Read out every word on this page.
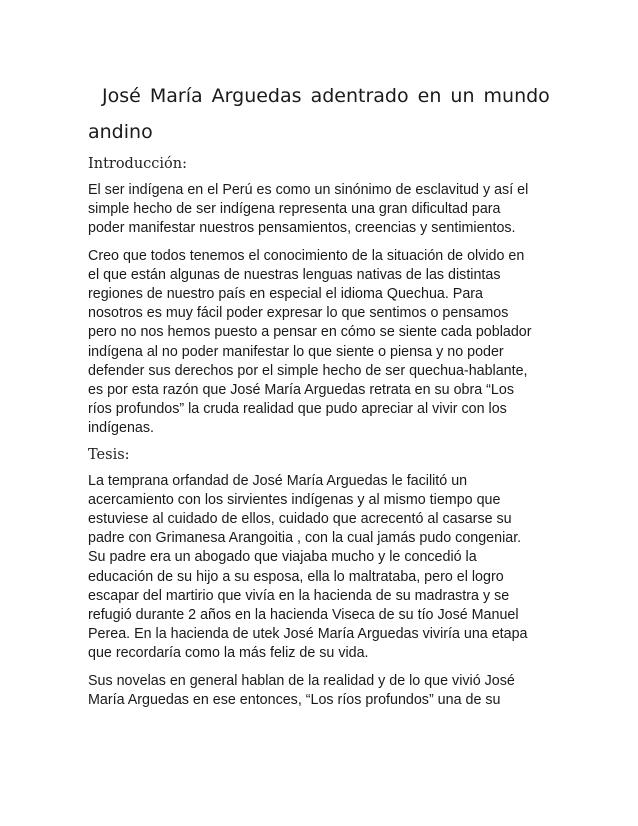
José María Arguedas adentrado en un mundo
andino
Introducción:

El ser indígena en el Perú es como un sinónimo de esclavitud y así el
simple hecho de ser indígena representa una gran dificultad para
poder manifestar nuestros pensamientos, creencias y sentimientos.

Creo que todos tenemos el conocimiento de la situación de olvido en
el que están algunas de nuestras lenguas nativas de las distintas
regiones de nuestro país en especial el idioma Quechua. Para
nosotros es muy fácil poder expresar lo que sentimos o pensamos
pero no nos hemos puesto a pensar en cómo se siente cada poblador
indígena al no poder manifestar lo que siente o piensa y no poder
defender sus derechos por el simple hecho de ser quechua-hablante,
es por esta razón que José María Arguedas retrata en su obra “Los
ríos profundos” la cruda realidad que pudo apreciar al vivir con los
indígenas.

Tesis:

La temprana orfandad de José María Arguedas le facilitó un
acercamiento con los sirvientes indígenas y al mismo tiempo que
estuviese al cuidado de ellos, cuidado que acrecentó al casarse su
padre con Grimanesa Arangoitia , con la cual jamás pudo congeniar.
Su padre era un abogado que viajaba mucho y le concedió la
educación de su hijo a su esposa, ella lo maltrataba, pero el logro
escapar del martirio que vivía en la hacienda de su madrastra y se
refugió durante 2 años en la hacienda Viseca de su tío José Manuel
Perea. En la hacienda de utek José María Arguedas viviría una etapa
que recordaría como la más feliz de su vida.

Sus novelas en general hablan de la realidad y de lo que vivió José
María Arguedas en ese entonces, “Los ríos profundos” una de su
